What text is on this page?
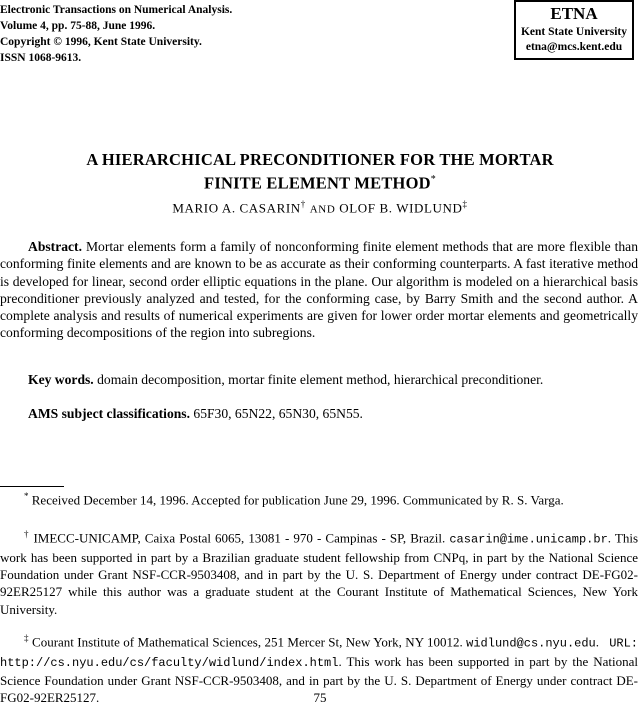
Electronic Transactions on Numerical Analysis.
Volume 4, pp. 75-88, June 1996.
Copyright © 1996, Kent State University.
ISSN 1068-9613.
ETNA
Kent State University
etna@mcs.kent.edu
A HIERARCHICAL PRECONDITIONER FOR THE MORTAR
FINITE ELEMENT METHOD*
MARIO A. CASARIN† AND OLOF B. WIDLUND‡
Abstract. Mortar elements form a family of nonconforming finite element methods that are more flexible than conforming finite elements and are known to be as accurate as their conforming counterparts. A fast iterative method is developed for linear, second order elliptic equations in the plane. Our algorithm is modeled on a hierarchical basis preconditioner previously analyzed and tested, for the conforming case, by Barry Smith and the second author. A complete analysis and results of numerical experiments are given for lower order mortar elements and geometrically conforming decompositions of the region into subregions.
Key words. domain decomposition, mortar finite element method, hierarchical preconditioner.
AMS subject classifications. 65F30, 65N22, 65N30, 65N55.
* Received December 14, 1996. Accepted for publication June 29, 1996. Communicated by R. S. Varga.
† IMECC-UNICAMP, Caixa Postal 6065, 13081 - 970 - Campinas - SP, Brazil. casarin@ime.unicamp.br. This work has been supported in part by a Brazilian graduate student fellowship from CNPq, in part by the National Science Foundation under Grant NSF-CCR-9503408, and in part by the U. S. Department of Energy under contract DE-FG02-92ER25127 while this author was a graduate student at the Courant Institute of Mathematical Sciences, New York University.
‡ Courant Institute of Mathematical Sciences, 251 Mercer St, New York, NY 10012. widlund@cs.nyu.edu.   URL: http://cs.nyu.edu/cs/faculty/widlund/index.html. This work has been supported in part by the National Science Foundation under Grant NSF-CCR-9503408, and in part by the U. S. Department of Energy under contract DE-FG02-92ER25127.	75
